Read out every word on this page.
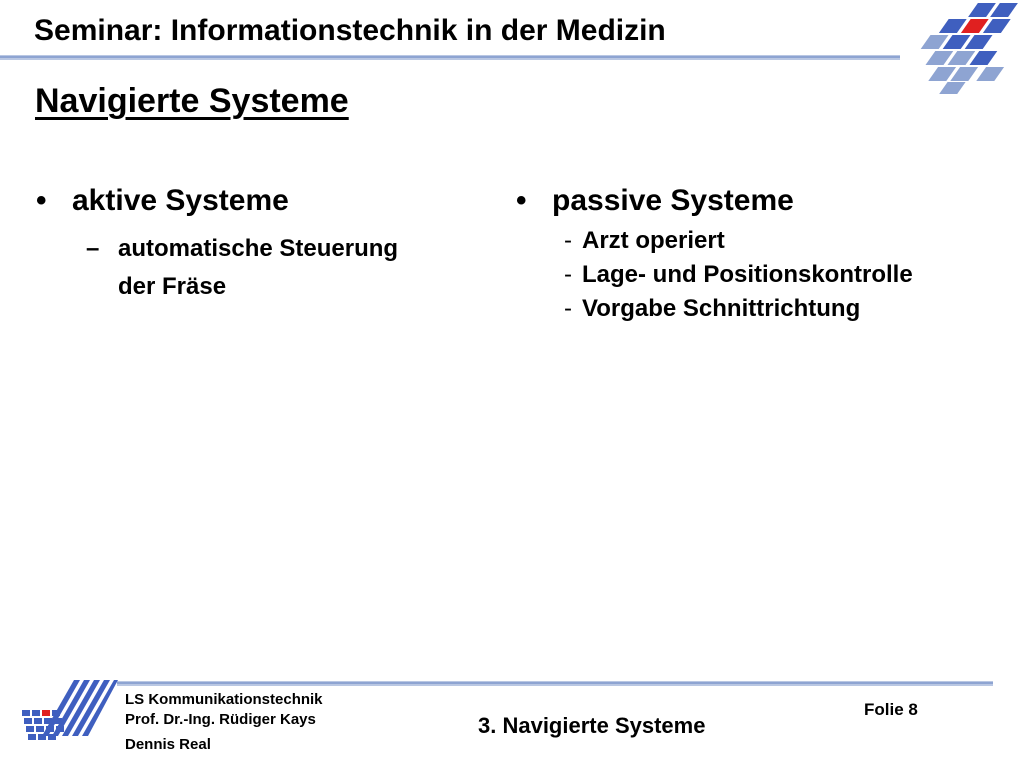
Seminar: Informationstechnik in der Medizin
Navigierte Systeme
• aktive Systeme
– automatische Steuerung
der Fräse
• passive Systeme
- Arzt operiert
- Lage- und Positionskontrolle
- Vorgabe Schnittrichtung
LS Kommunikationstechnik
Prof. Dr.-Ing. Rüdiger Kays
Dennis Real
3. Navigierte Systeme
Folie 8
